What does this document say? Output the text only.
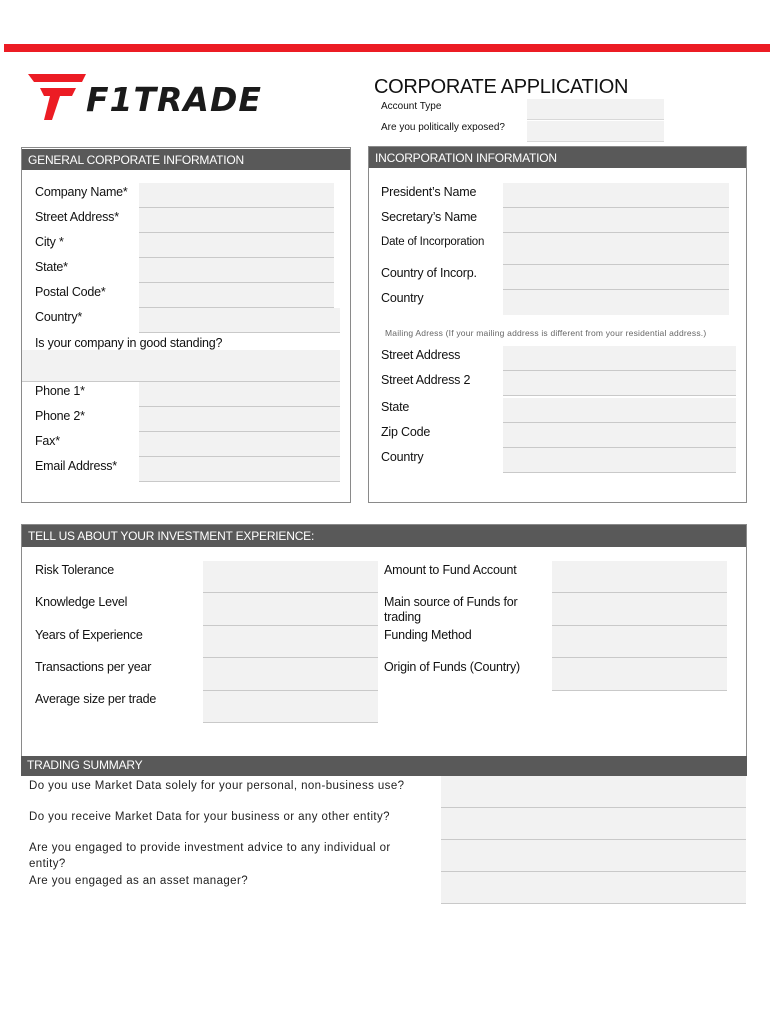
F1TRADE	CORPORATE APPLICATION
Account Type
Are you politically exposed?
GENERAL CORPORATE INFORMATION
Company Name*
Street Address*
City *
State*
Postal Code*
Country*
Is your company in good standing?
Phone 1*
Phone 2*
Fax*
Email Address*
INCORPORATION INFORMATION
President’s Name
Secretary’s Name
Date of Incorporation
Country of Incorp.
Country
Mailing Adress (If your mailing address is different from your residential address.)
Street Address
Street Address 2
State
Zip Code
Country
TELL US ABOUT YOUR INVESTMENT EXPERIENCE:
Risk Tolerance
Knowledge Level
Years of Experience
Transactions per year
Average size per trade
Amount to Fund Account
Main source of Funds for
trading
Funding Method
Origin of Funds (Country)
TRADING SUMMARY
Do you use Market Data solely for your personal, non-business use?
Do you receive Market Data for your business or any other entity?
Are you engaged to provide investment advice to any individual or
entity?
Are you engaged as an asset manager?
